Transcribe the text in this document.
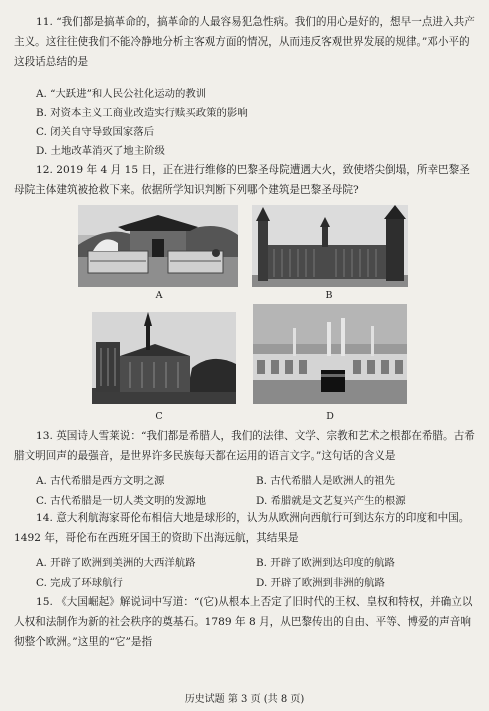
11. “我们都是搞革命的，搞革命的人最容易犯急性病。我们的用心是好的，想早一点进入共产主义。这往往使我们不能冷静地分析主客观方面的情况，从而违反客观世界发展的规律。”邓小平的这段话总结的是

A. “大跃进”和人民公社化运动的教训
B. 对资本主义工商业改造实行赎买政策的影响
C. 闭关自守导致国家落后
D. 土地改革消灭了地主阶级

12. 2019 年 4 月 15 日，正在进行维修的巴黎圣母院遭遇大火，致使塔尖倒塌，所幸巴黎圣母院主体建筑被抢救下来。依据所学知识判断下列哪个建筑是巴黎圣母院?

A	B
C	D

13. 英国诗人雪莱说：“我们都是希腊人，我们的法律、文学、宗教和艺术之根都在希腊。古希腊文明回声的最强音，是世界许多民族每天都在运用的语言文字。”这句话的含义是

A. 古代希腊是西方文明之源	B. 古代希腊人是欧洲人的祖先
C. 古代希腊是一切人类文明的发源地	D. 希腊就是文艺复兴产生的根源

14. 意大利航海家哥伦布相信大地是球形的，认为从欧洲向西航行可到达东方的印度和中国。1492 年，哥伦布在西班牙国王的资助下出海远航，其结果是

A. 开辟了欧洲到美洲的大西洋航路	B. 开辟了欧洲到达印度的航路
C. 完成了环球航行	D. 开辟了欧洲到非洲的航路

15. 《大国崛起》解说词中写道：“(它)从根本上否定了旧时代的王权、皇权和特权，并确立以人权和法制作为新的社会秩序的奠基石。1789 年 8 月，从巴黎传出的自由、平等、博爱的声音响彻整个欧洲。”这里的“它”是指

历史试题 第 3 页 (共 8 页)
